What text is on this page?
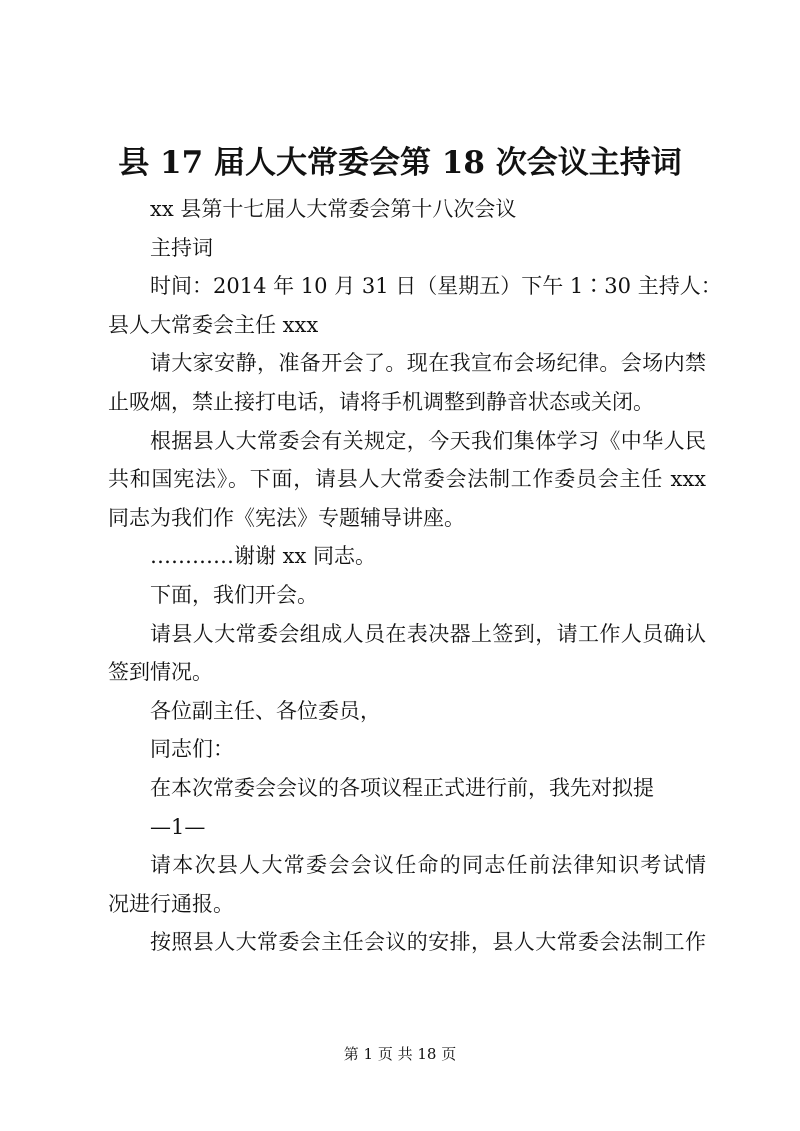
县 17 届人大常委会第 18 次会议主持词
xx 县第十七届人大常委会第十八次会议
主持词
时间：2014 年 10 月 31 日（星期五）下午 1∶30 主持人：
县人大常委会主任 xxx
请大家安静，准备开会了。现在我宣布会场纪律。会场内禁
止吸烟，禁止接打电话，请将手机调整到静音状态或关闭。
根据县人大常委会有关规定，今天我们集体学习《中华人民
共和国宪法》。下面，请县人大常委会法制工作委员会主任 xxx
同志为我们作《宪法》专题辅导讲座。
…………谢谢 xx 同志。
下面，我们开会。
请县人大常委会组成人员在表决器上签到，请工作人员确认
签到情况。
各位副主任、各位委员，
同志们：
在本次常委会会议的各项议程正式进行前，我先对拟提
—1—
请本次县人大常委会会议任命的同志任前法律知识考试情
况进行通报。
按照县人大常委会主任会议的安排，县人大常委会法制工作
第 1 页 共 18 页
